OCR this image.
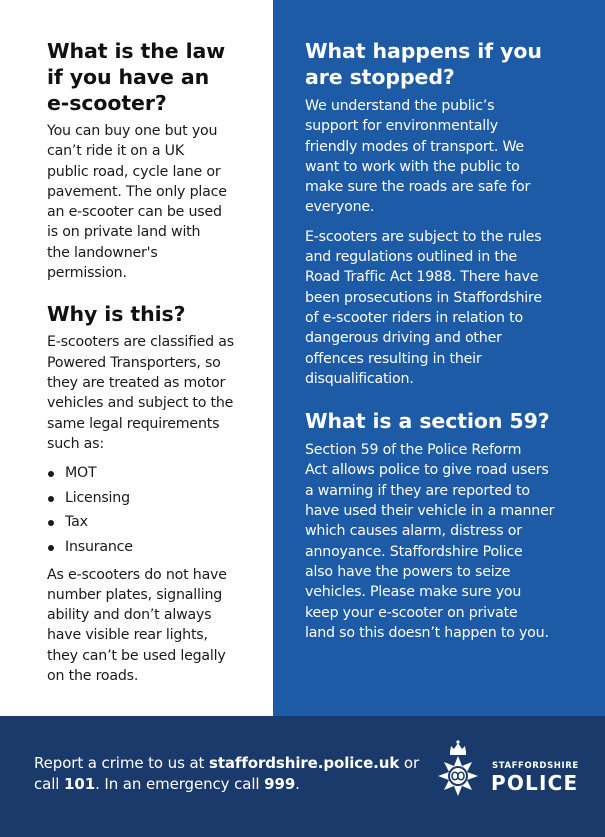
What is the law
if you have an
e-scooter?

You can buy one but you
can’t ride it on a UK
public road, cycle lane or
pavement. The only place
an e-scooter can be used
is on private land with
the landowner's
permission.

Why is this?

E-scooters are classified as
Powered Transporters, so
they are treated as motor
vehicles and subject to the
same legal requirements
such as:

MOT
Licensing
Tax
Insurance

As e-scooters do not have
number plates, signalling
ability and don’t always
have visible rear lights,
they can’t be used legally
on the roads.

What happens if you
are stopped?

We understand the public’s
support for environmentally
friendly modes of transport. We
want to work with the public to
make sure the roads are safe for
everyone.

E-scooters are subject to the rules
and regulations outlined in the
Road Traffic Act 1988. There have
been prosecutions in Staffordshire
of e-scooter riders in relation to
dangerous driving and other
offences resulting in their
disqualification.

What is a section 59?

Section 59 of the Police Reform
Act allows police to give road users
a warning if they are reported to
have used their vehicle in a manner
which causes alarm, distress or
annoyance. Staffordshire Police
also have the powers to seize
vehicles. Please make sure you
keep your e-scooter on private
land so this doesn’t happen to you.

Report a crime to us at staffordshire.police.uk or
call 101. In an emergency call 999.
STAFFORDSHIRE
POLICE
